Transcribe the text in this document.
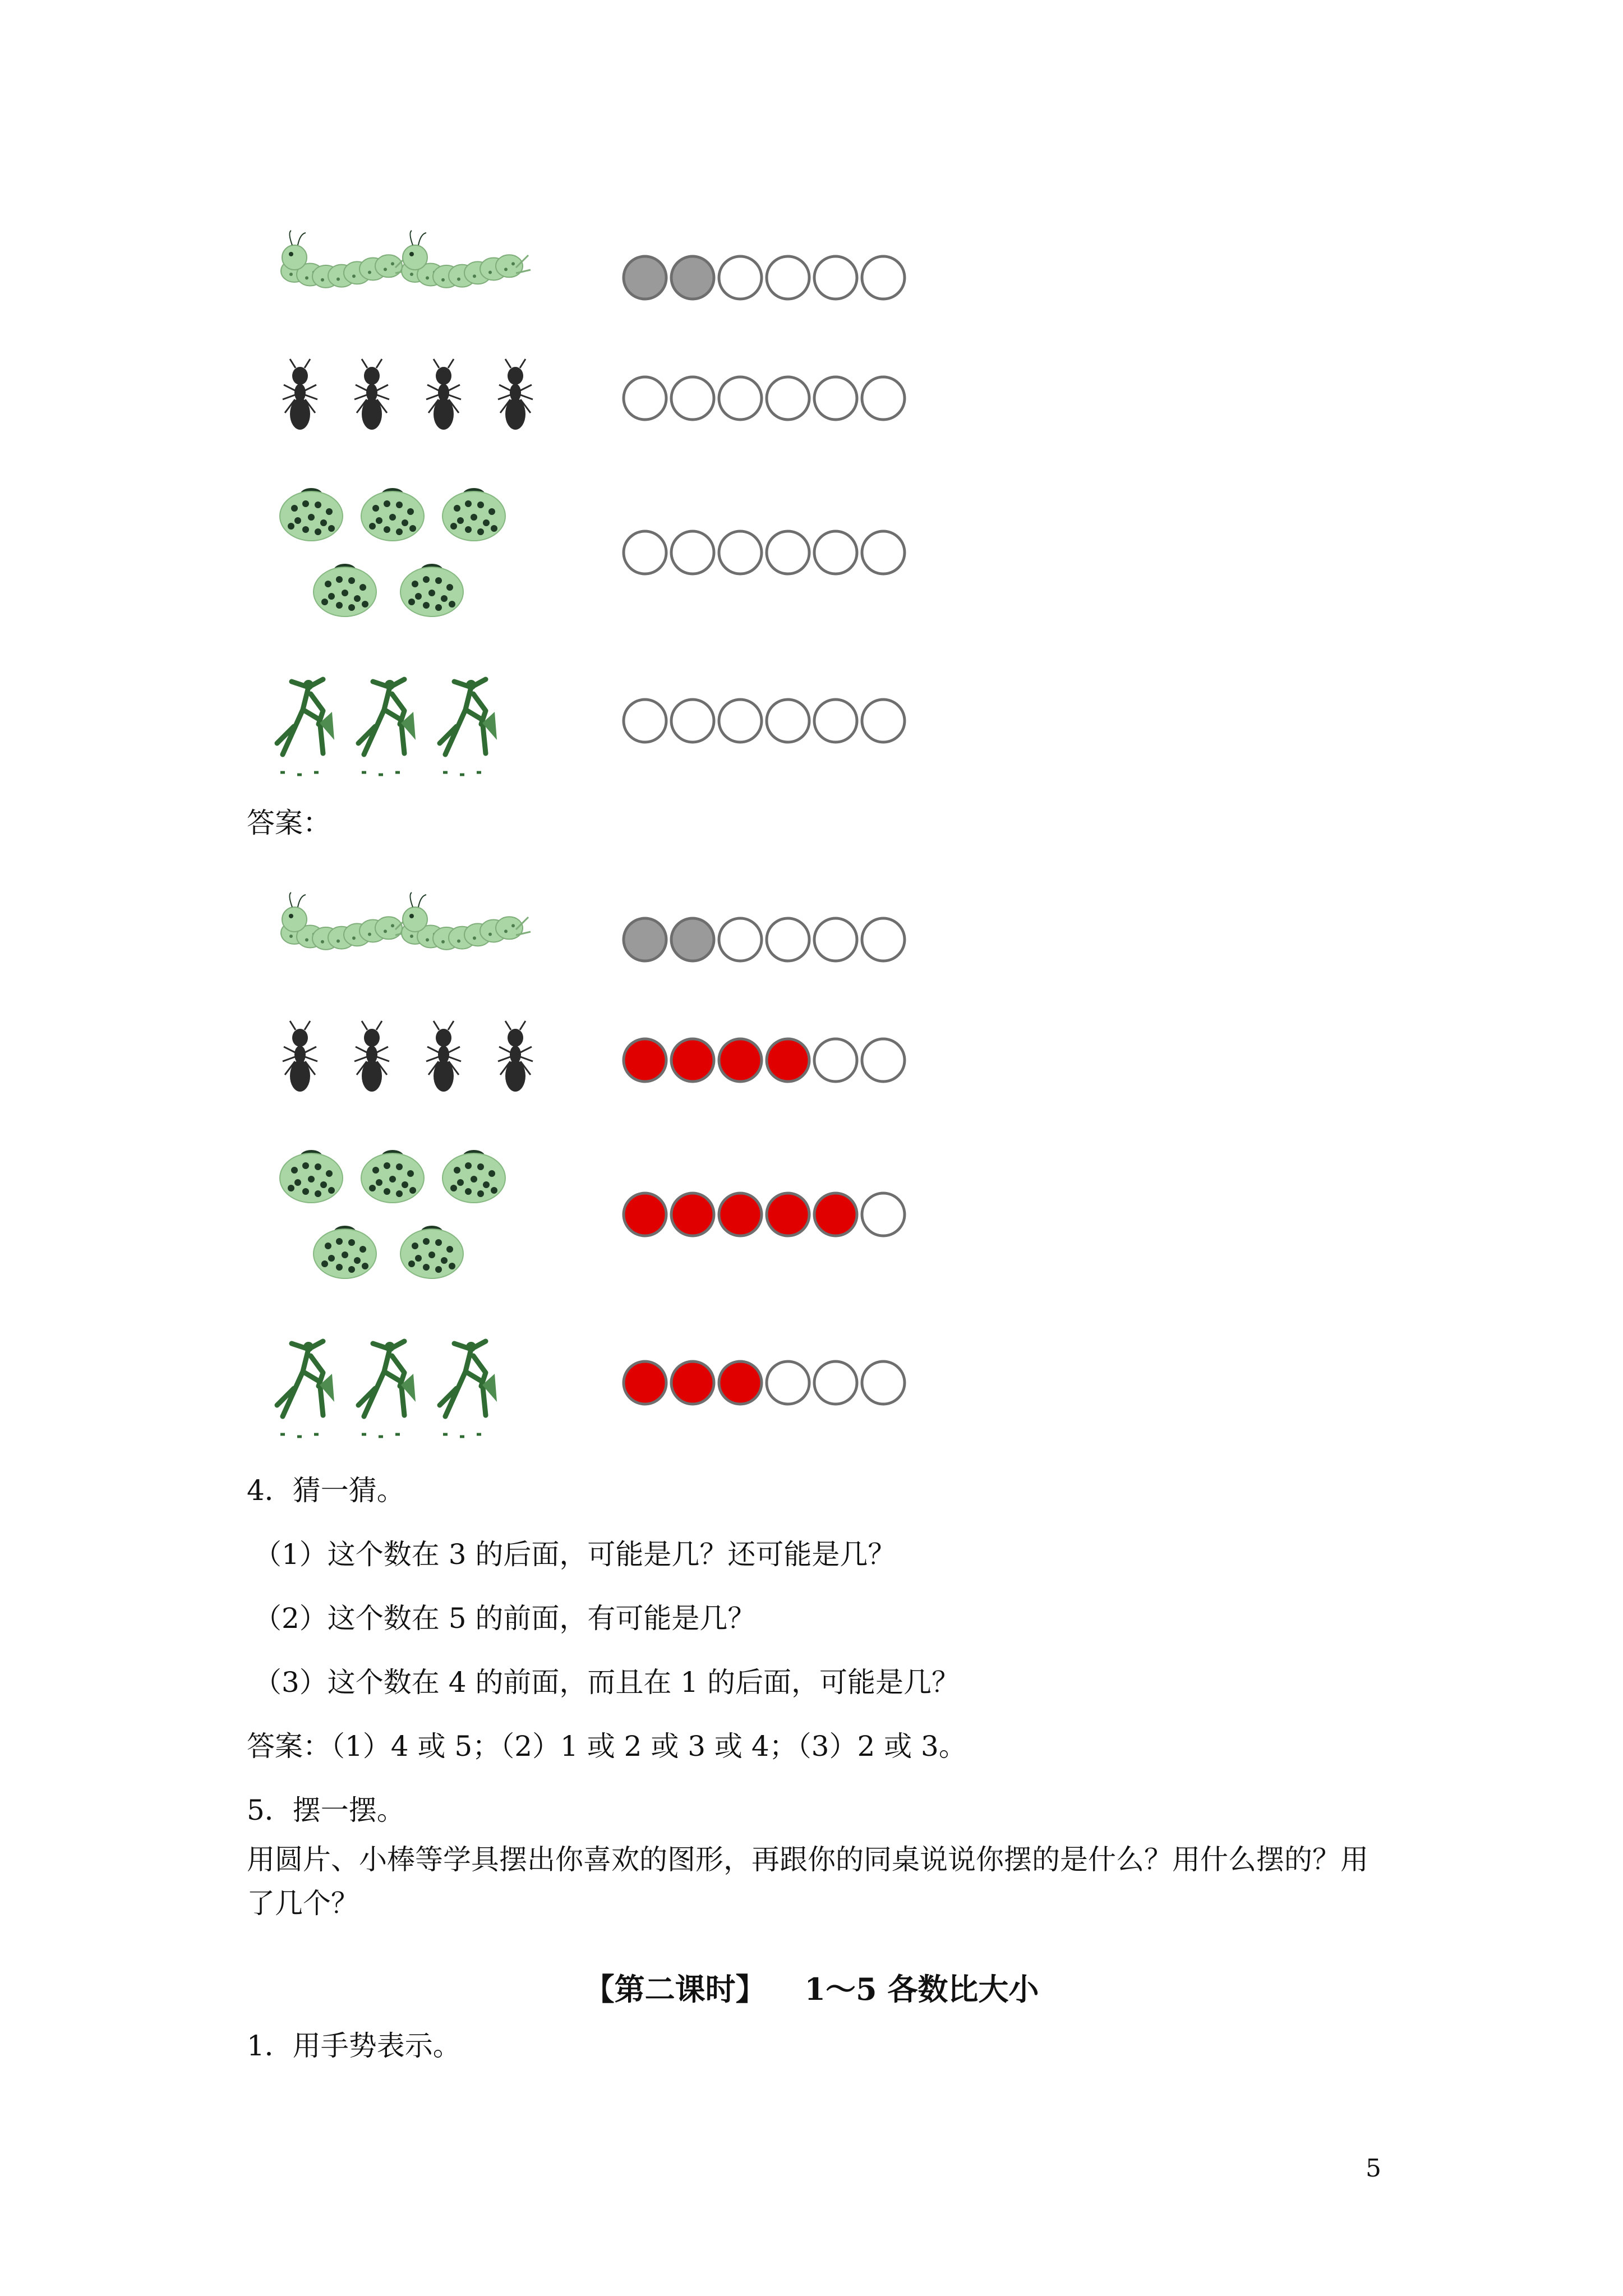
答案：

4．猜一猜。

（1）这个数在 3 的后面，可能是几？还可能是几？

（2）这个数在 5 的前面，有可能是几？

（3）这个数在 4 的前面，而且在 1 的后面，可能是几？

答案：（1）4 或 5；（2）1 或 2 或 3 或 4；（3）2 或 3。

5．摆一摆。

用圆片、小棒等学具摆出你喜欢的图形，再跟你的同桌说说你摆的是什么？用什么摆的？用了几个？

【第二课时】 1～5 各数比大小

1．用手势表示。

5
